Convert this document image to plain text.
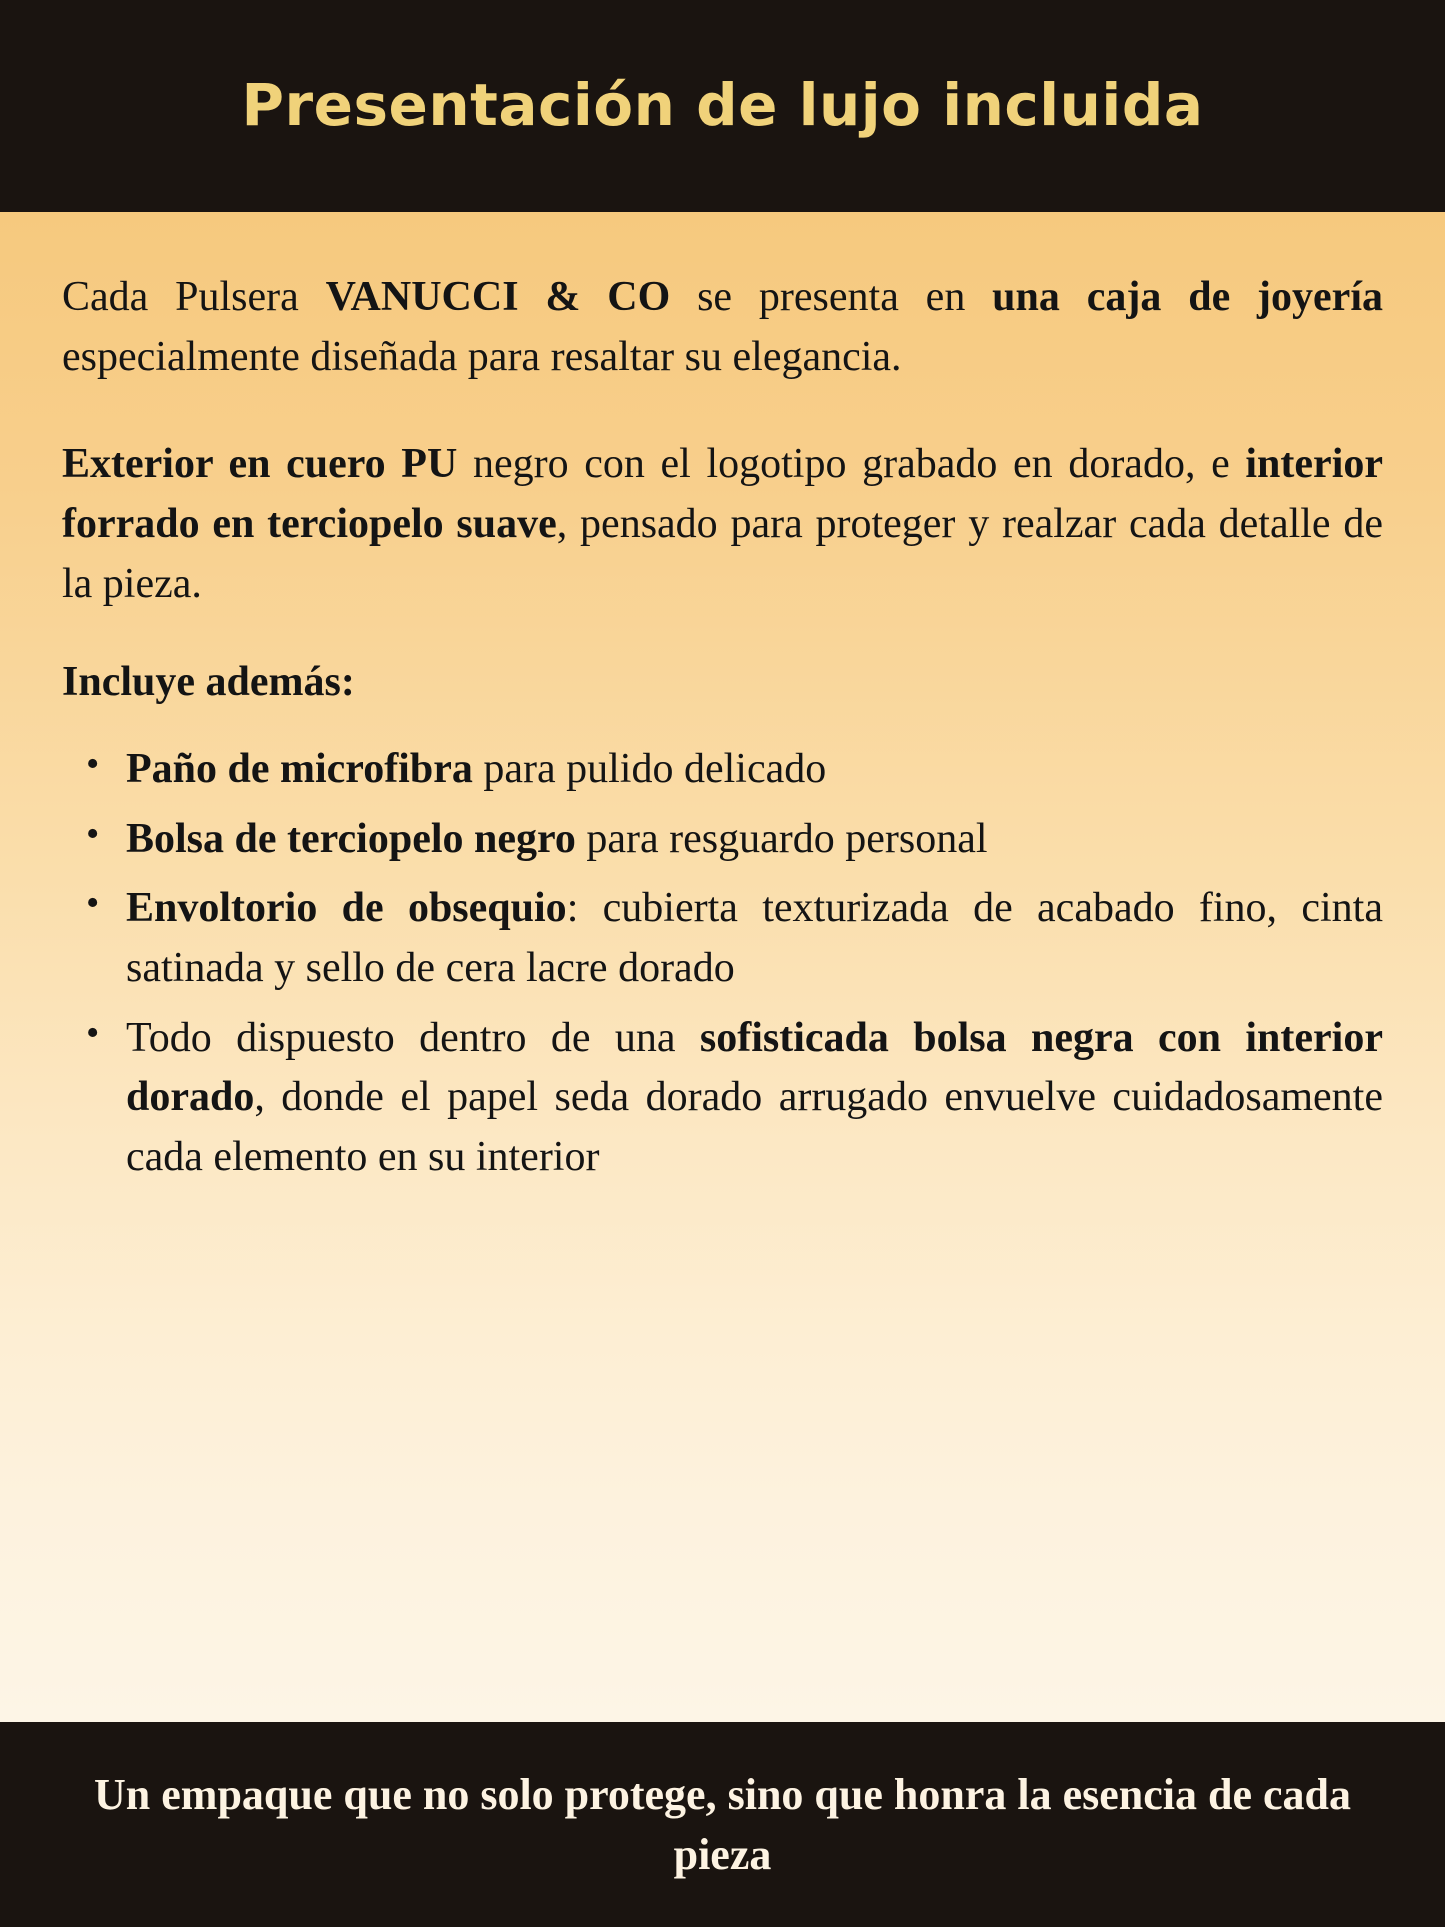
Presentación de lujo incluida

Cada Pulsera VANUCCI & CO se presenta en una caja de joyería especialmente diseñada para resaltar su elegancia.

Exterior en cuero PU negro con el logotipo grabado en dorado, e interior forrado en terciopelo suave, pensado para proteger y realzar cada detalle de la pieza.

Incluye además:
• Paño de microfibra para pulido delicado
• Bolsa de terciopelo negro para resguardo personal
• Envoltorio de obsequio: cubierta texturizada de acabado fino, cinta satinada y sello de cera lacre dorado
• Todo dispuesto dentro de una sofisticada bolsa negra con interior dorado, donde el papel seda dorado arrugado envuelve cuidadosamente cada elemento en su interior

Un empaque que no solo protege, sino que honra la esencia de cada pieza
